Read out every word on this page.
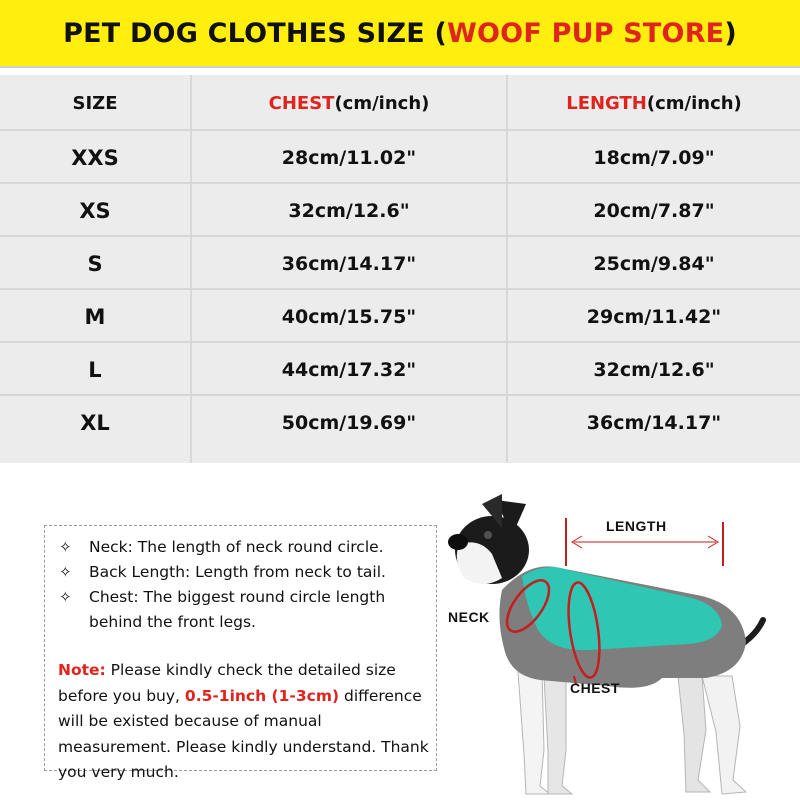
PET DOG CLOTHES SIZE (WOOF PUP STORE)
SIZE	CHEST (cm/inch)	LENGTH (cm/inch)
XXS	28cm/11.02"	18cm/7.09"
XS	32cm/12.6"	20cm/7.87"
S	36cm/14.17"	25cm/9.84"
M	40cm/15.75"	29cm/11.42"
L	44cm/17.32"	32cm/12.6"
XL	50cm/19.69"	36cm/14.17"
✧ Neck: The length of neck round circle.
✧ Back Length: Length from neck to tail.
✧	Chest: The biggest round circle length behind the front legs.
Note: Please kindly check the detailed size before you buy, 0.5-1inch (1-3cm) difference will be existed because of manual measurement. Please kindly understand. Thank you very much.
LENGTH
NECK
CHEST
